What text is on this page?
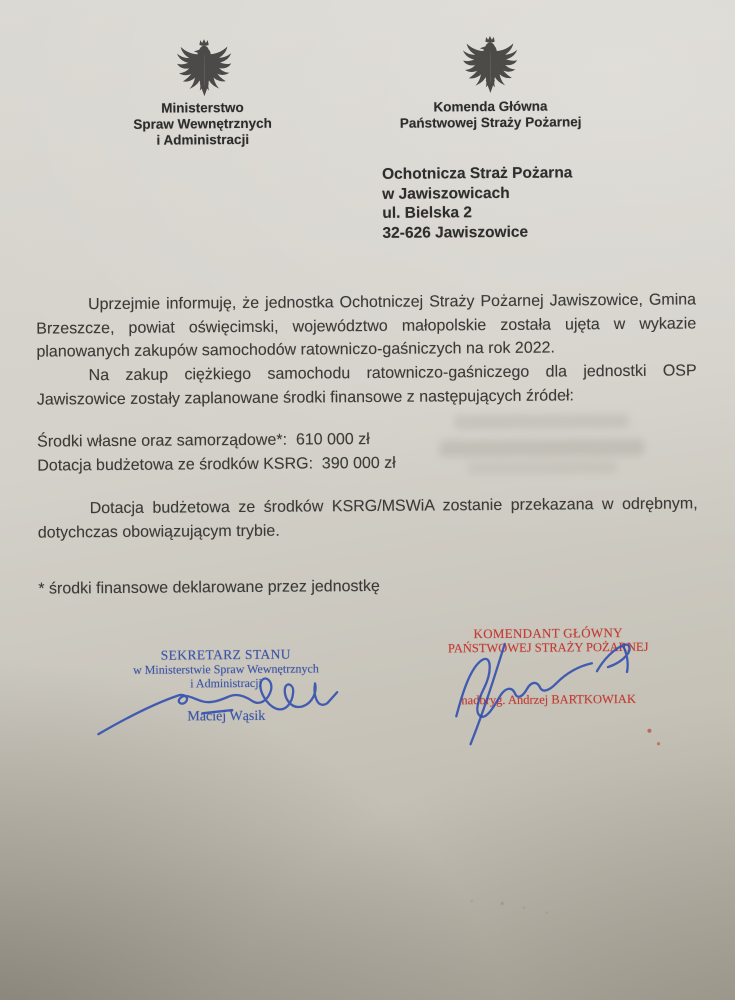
Ministerstwo
Spraw Wewnętrznych
i Administracji
Komenda Główna
Państwowej Straży Pożarnej
Ochotnicza Straż Pożarna
w Jawiszowicach
ul. Bielska 2
32-626 Jawiszowice

Uprzejmie informuję, że jednostka Ochotniczej Straży Pożarnej Jawiszowice, Gmina Brzeszcze, powiat oświęcimski, województwo małopolskie została ujęta w wykazie planowanych zakupów samochodów ratowniczo-gaśniczych na rok 2022.

Na zakup ciężkiego samochodu ratowniczo-gaśniczego dla jednostki OSP Jawiszowice zostały zaplanowane środki finansowe z następujących źródeł:

Środki własne oraz samorządowe*:  610 000 zł
Dotacja budżetowa ze środków KSRG:  390 000 zł

Dotacja budżetowa ze środków KSRG/MSWiA zostanie przekazana w odrębnym, dotychczas obowiązującym trybie.

* środki finansowe deklarowane przez jednostkę
SEKRETARZ STANU
w Ministerstwie Spraw Wewnętrznych
i Administracji
Maciej Wąsik
KOMENDANT GŁÓWNY
PAŃSTWOWEJ STRAŻY POŻARNEJ
nadbryg. Andrzej BARTKOWIAK
